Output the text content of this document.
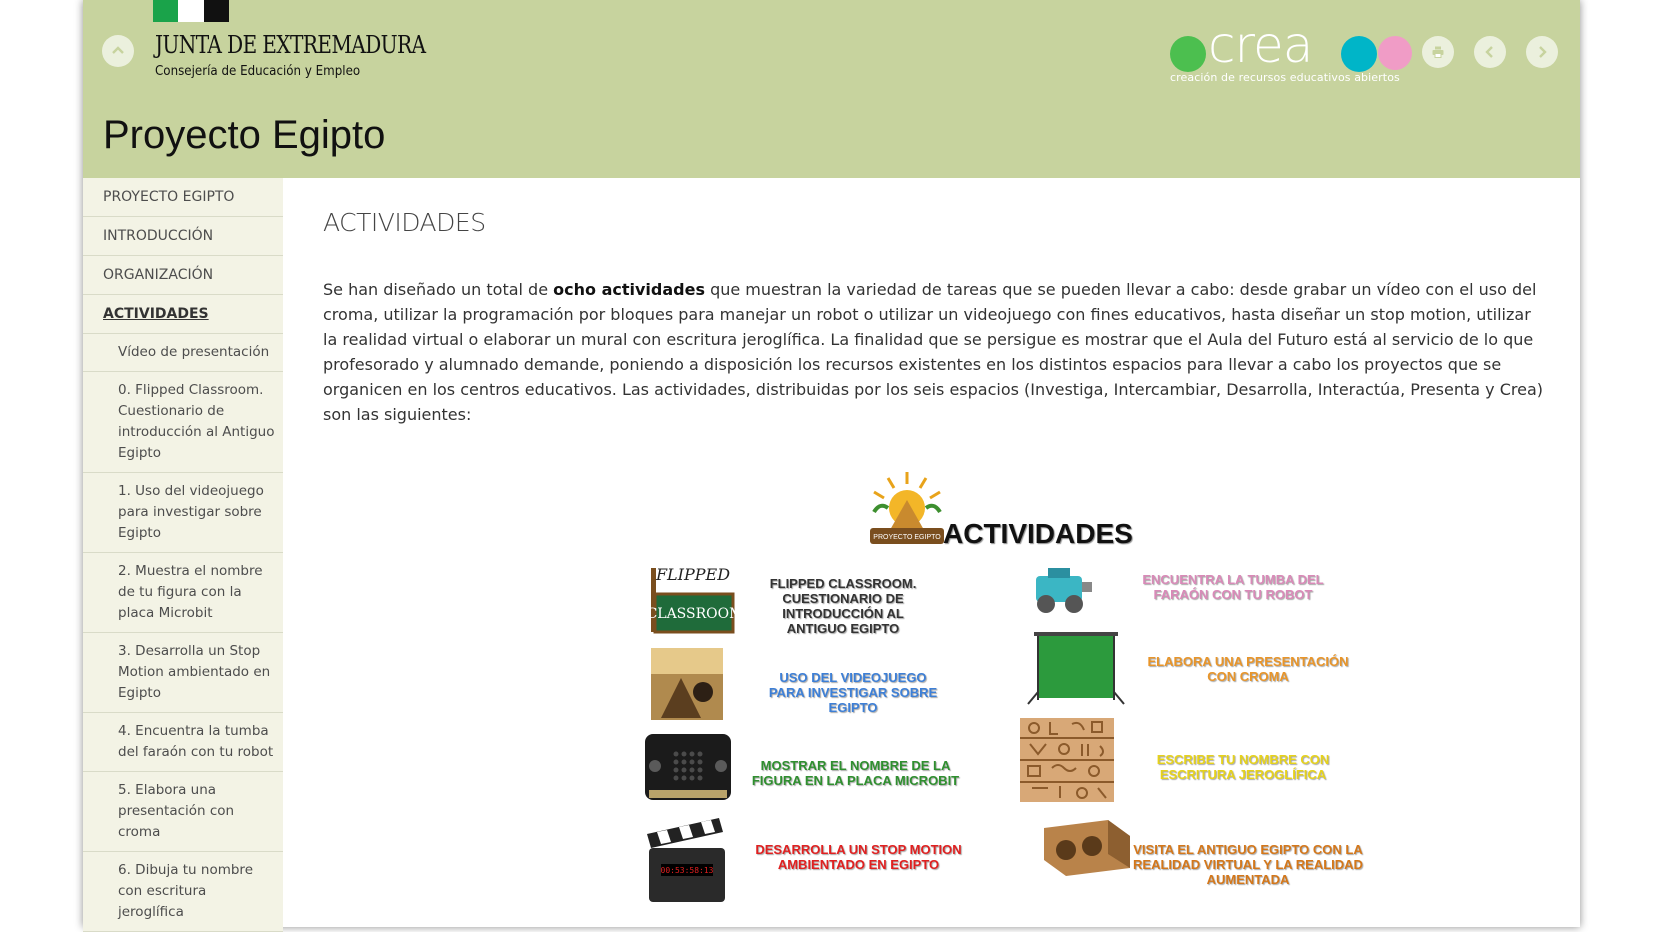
JUNTA DE EXTREMADURA
Consejería de Educación y Empleo	crea
creación de recursos educativos abiertos
Proyecto Egipto
PROYECTO EGIPTO
INTRODUCCIÓN
ORGANIZACIÓN
ACTIVIDADES
Vídeo de presentación
0. Flipped Classroom. Cuestionario de introducción al Antiguo Egipto
1. Uso del videojuego para investigar sobre Egipto
2. Muestra el nombre de tu figura con la placa Microbit
3. Desarrolla un Stop Motion ambientado en Egipto
4. Encuentra la tumba del faraón con tu robot
5. Elabora una presentación con croma
6. Dibuja tu nombre con escritura jeroglífica
ACTIVIDADES

Se han diseñado un total de ocho actividades que muestran la variedad de tareas que se pueden llevar a cabo: desde grabar un vídeo con el uso del croma, utilizar la programación por bloques para manejar un robot o utilizar un videojuego con fines educativos, hasta diseñar un stop motion, utilizar la realidad virtual o elaborar un mural con escritura jeroglífica. La finalidad que se persigue es mostrar que el Aula del Futuro está al servicio de lo que profesorado y alumnado demande, poniendo a disposición los recursos existentes en los distintos espacios para llevar a cabo los proyectos que se organicen en los centros educativos. Las actividades, distribuidas por los seis espacios (Investiga, Intercambiar, Desarrolla, Interactúa, Presenta y Crea) son las siguientes:

PROYECTO EGIPTO ACTIVIDADES
FLIPPED
CLASSROOM
00:53:58:13
FLIPPED CLASSROOM. CUESTIONARIO DE INTRODUCCIÓN AL ANTIGUO EGIPTO
USO DEL VIDEOJUEGO PARA INVESTIGAR SOBRE EGIPTO
MOSTRAR EL NOMBRE DE LA FIGURA EN LA PLACA MICROBIT
DESARROLLA UN STOP MOTION AMBIENTADO EN EGIPTO
ENCUENTRA LA TUMBA DEL FARAÓN CON TU ROBOT
ELABORA UNA PRESENTACIÓN CON CROMA
ESCRIBE TU NOMBRE CON ESCRITURA JEROGLÍFICA
VISITA EL ANTIGUO EGIPTO CON LA REALIDAD VIRTUAL Y LA REALIDAD AUMENTADA
